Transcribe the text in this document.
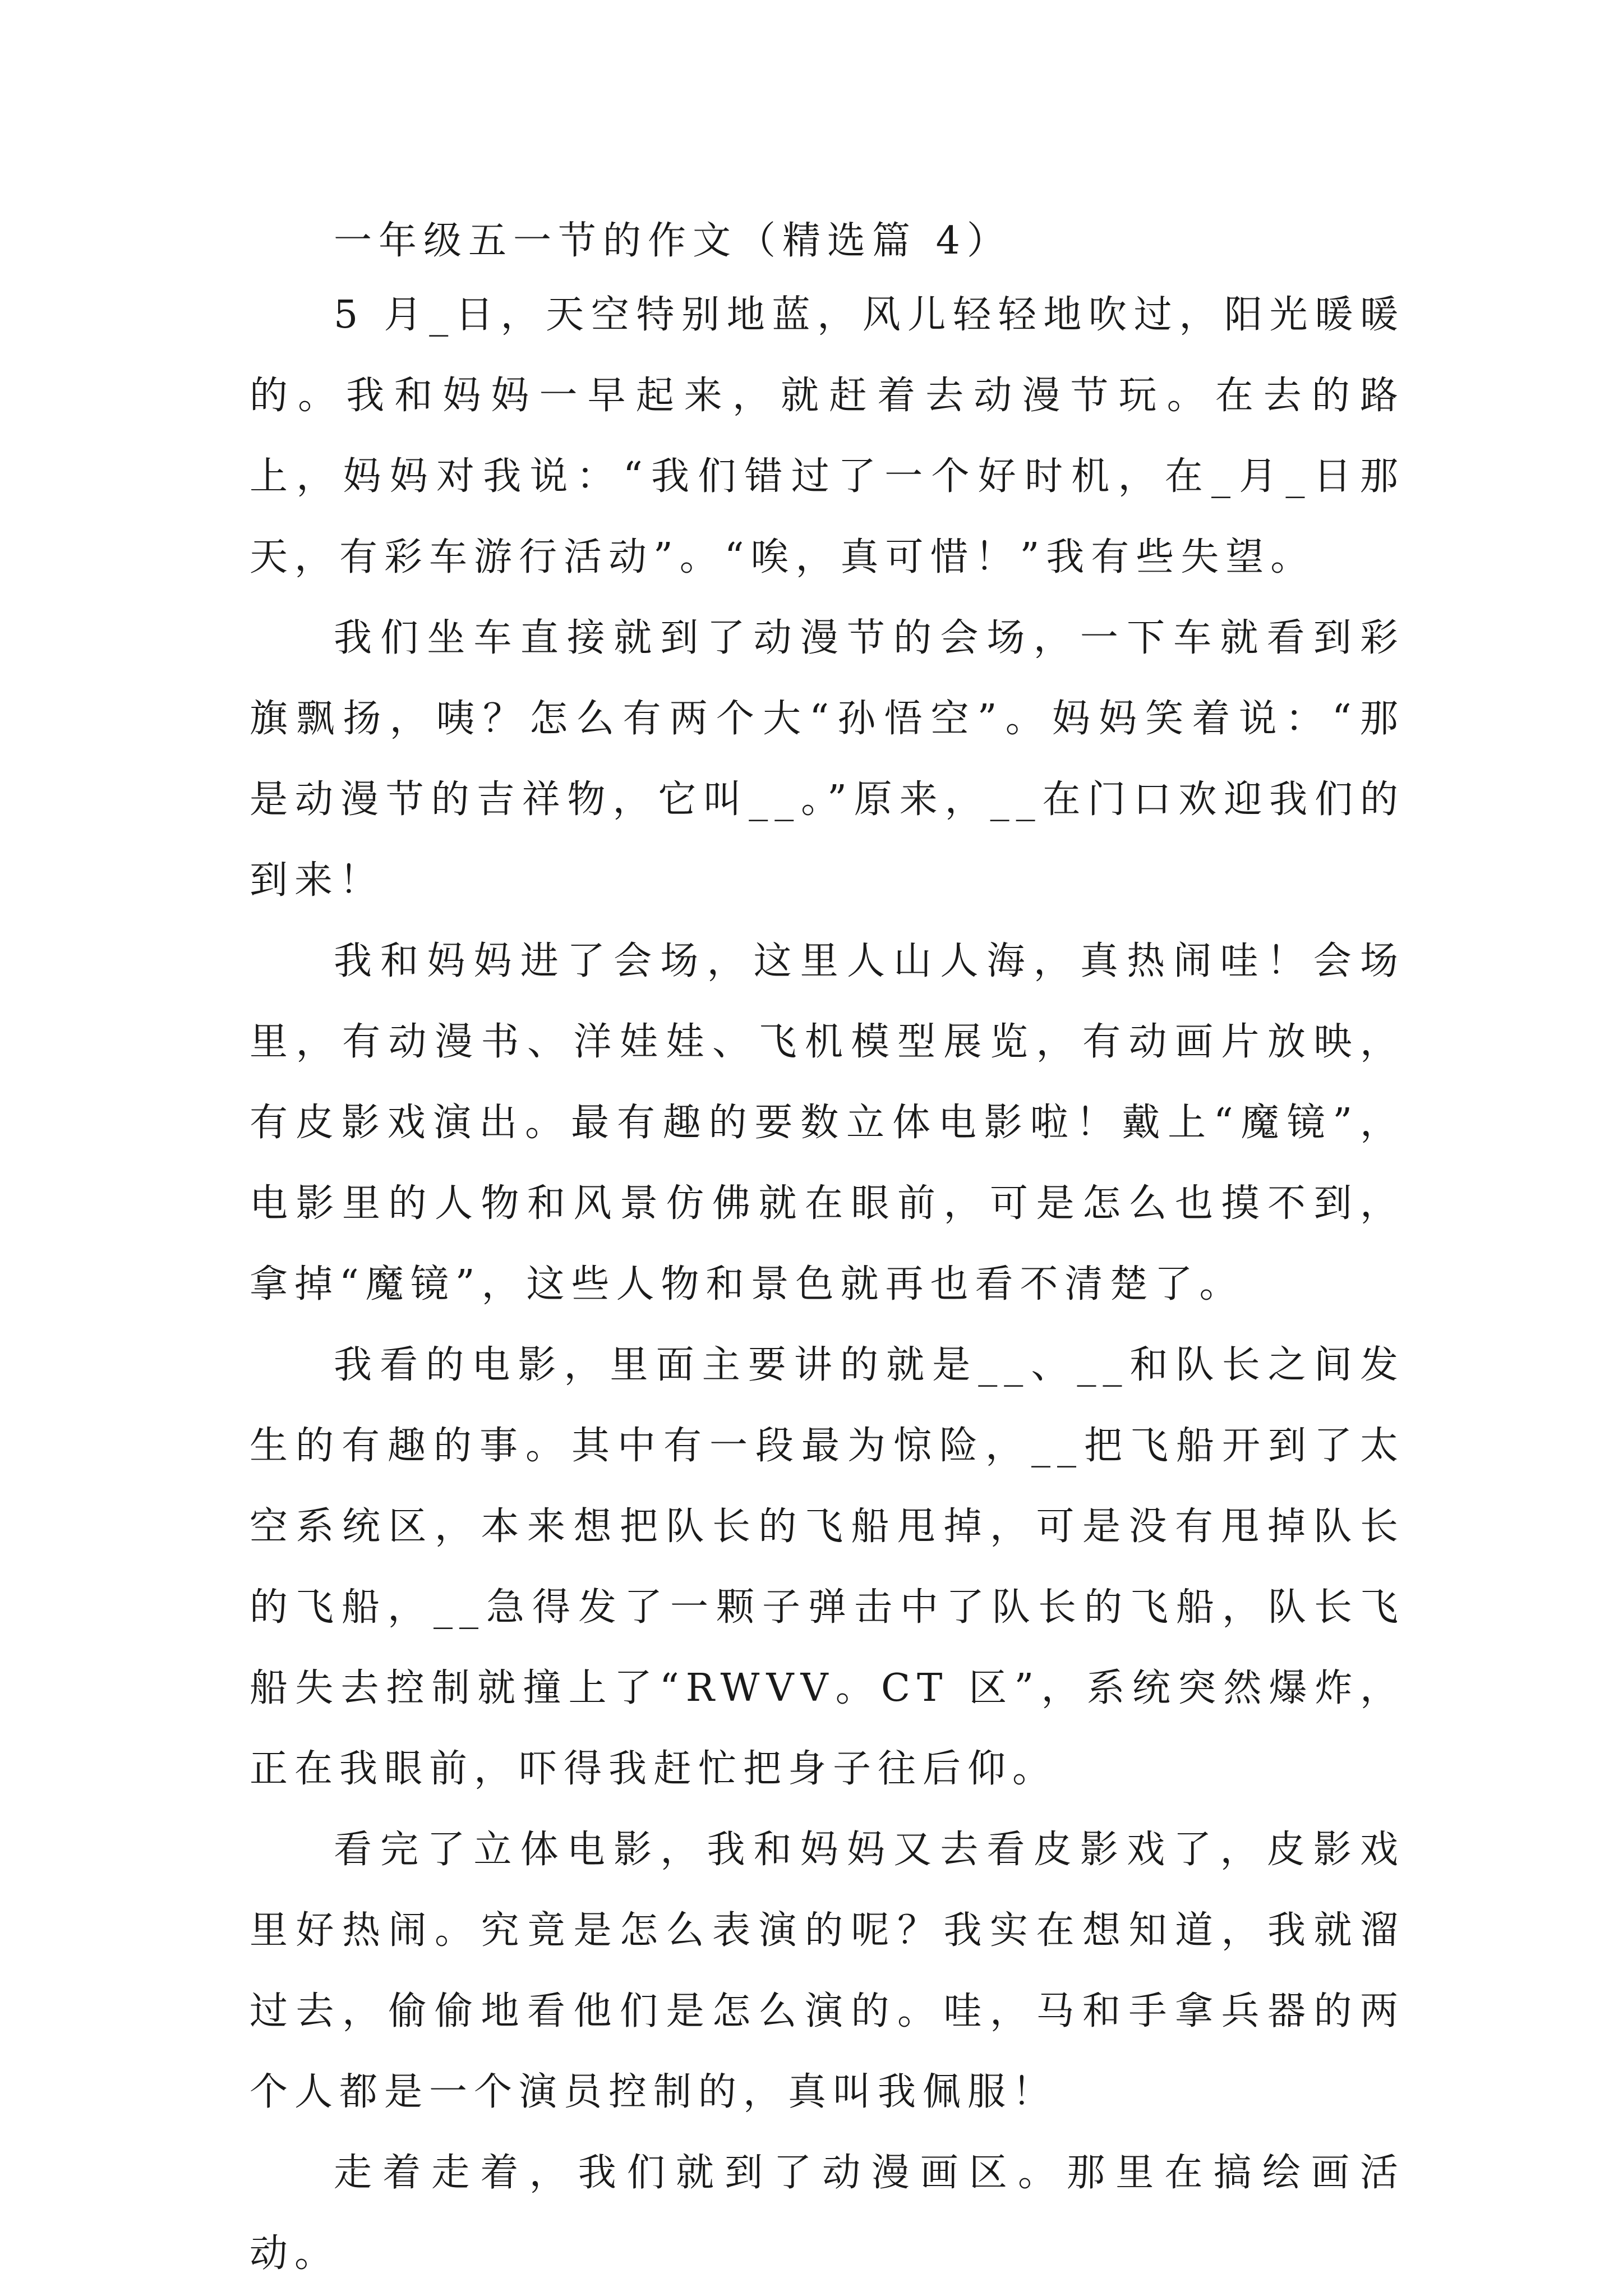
一年级五一节的作文（精选篇 4）

5 月_日，天空特别地蓝，风儿轻轻地吹过，阳光暖暖的。我和妈妈一早起来，就赶着去动漫节玩。在去的路上，妈妈对我说：“我们错过了一个好时机，在_月_日那天，有彩车游行活动”。“唉，真可惜！”我有些失望。

我们坐车直接就到了动漫节的会场，一下车就看到彩旗飘扬，咦？怎么有两个大“孙悟空”。妈妈笑着说：“那是动漫节的吉祥物，它叫__。”原来，__在门口欢迎我们的到来！

我和妈妈进了会场，这里人山人海，真热闹哇！会场里，有动漫书、洋娃娃、飞机模型展览，有动画片放映，有皮影戏演出。最有趣的要数立体电影啦！戴上“魔镜”，电影里的人物和风景仿佛就在眼前，可是怎么也摸不到，拿掉“魔镜”，这些人物和景色就再也看不清楚了。

我看的电影，里面主要讲的就是__、__和队长之间发生的有趣的事。其中有一段最为惊险，__把飞船开到了太空系统区，本来想把队长的飞船甩掉，可是没有甩掉队长的飞船，__急得发了一颗子弹击中了队长的飞船，队长飞船失去控制就撞上了“RWVV。CT 区”，系统突然爆炸，正在我眼前，吓得我赶忙把身子往后仰。

看完了立体电影，我和妈妈又去看皮影戏了，皮影戏里好热闹。究竟是怎么表演的呢？我实在想知道，我就溜过去，偷偷地看他们是怎么演的。哇，马和手拿兵器的两个人都是一个演员控制的，真叫我佩服！

走着走着，我们就到了动漫画区。那里在搞绘画活动。
